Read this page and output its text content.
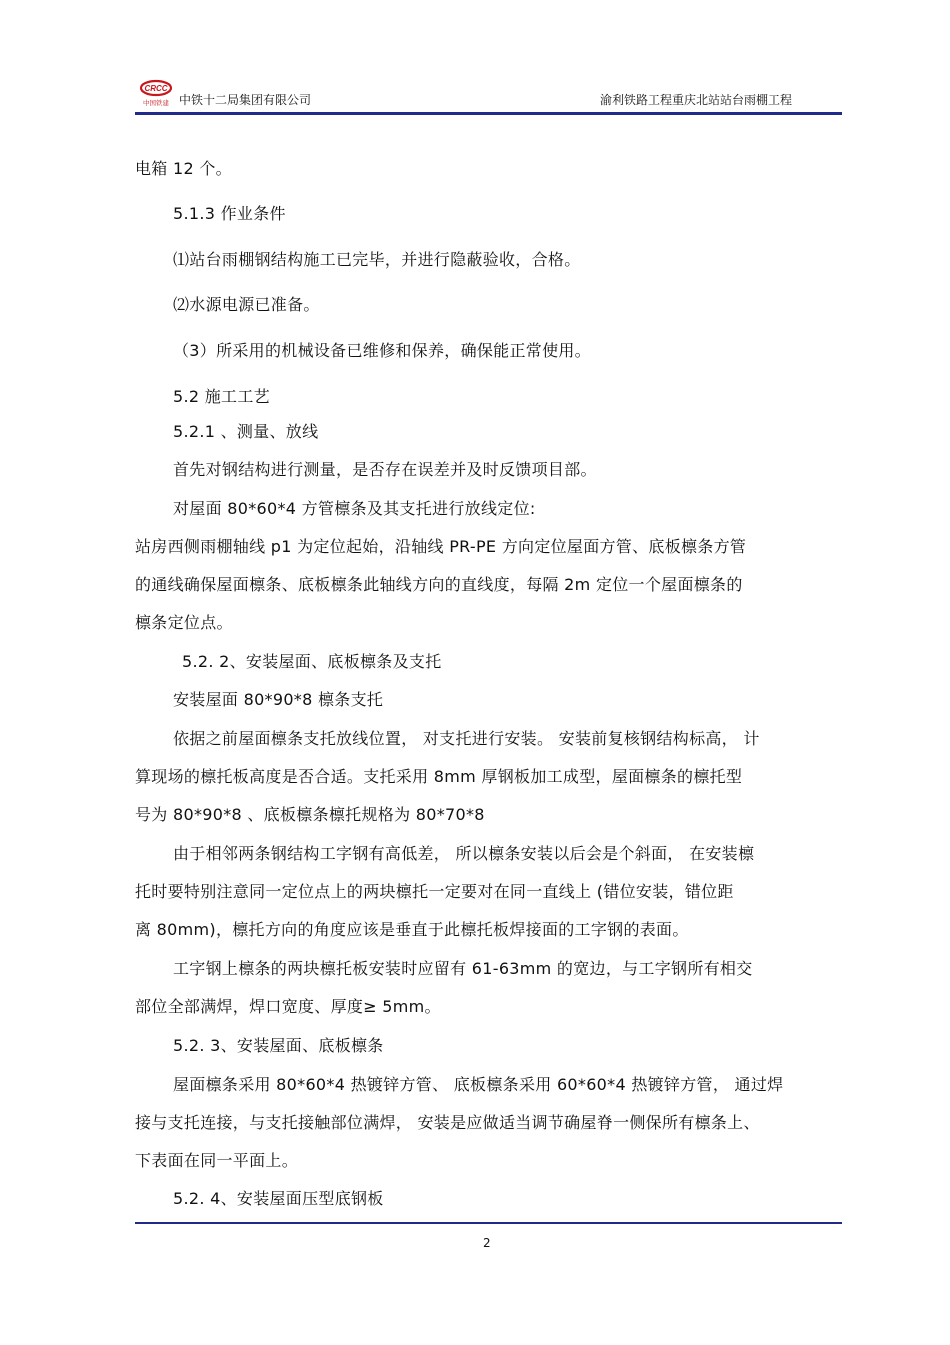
CRCC
中国铁建 中铁十二局集团有限公司	渝利铁路工程重庆北站站台雨棚工程
电箱 12 个。
5.1.3 作业条件
⑴站台雨棚钢结构施工已完毕，并进行隐蔽验收，合格。
⑵水源电源已准备。
（3）所采用的机械设备已维修和保养，确保能正常使用。
5.2 施工工艺
5.2.1 、测量、放线
首先对钢结构进行测量，是否存在误差并及时反馈项目部。
对屋面 80*60*4 方管檩条及其支托进行放线定位:
站房西侧雨棚轴线 p1 为定位起始，沿轴线 PR-PE 方向定位屋面方管、底板檩条方管
的通线确保屋面檩条、底板檩条此轴线方向的直线度，每隔 2m 定位一个屋面檩条的
檩条定位点。
5.2. 2、安装屋面、底板檩条及支托
安装屋面 80*90*8 檩条支托
依据之前屋面檩条支托放线位置， 对支托进行安装。 安装前复核钢结构标高， 计
算现场的檩托板高度是否合适。支托采用 8mm 厚钢板加工成型，屋面檩条的檩托型
号为 80*90*8 、底板檩条檩托规格为 80*70*8
由于相邻两条钢结构工字钢有高低差， 所以檩条安装以后会是个斜面， 在安装檩
托时要特别注意同一定位点上的两块檩托一定要对在同一直线上 (错位安装，错位距
离 80mm)，檩托方向的角度应该是垂直于此檩托板焊接面的工字钢的表面。
工字钢上檩条的两块檩托板安装时应留有 61-63mm 的宽边，与工字钢所有相交
部位全部满焊，焊口宽度、厚度≥ 5mm。
5.2. 3、安装屋面、底板檩条
屋面檩条采用 80*60*4 热镀锌方管、 底板檩条采用 60*60*4 热镀锌方管， 通过焊
接与支托连接，与支托接触部位满焊， 安装是应做适当调节确屋脊一侧保所有檩条上、
下表面在同一平面上。
5.2. 4、安装屋面压型底钢板
2
